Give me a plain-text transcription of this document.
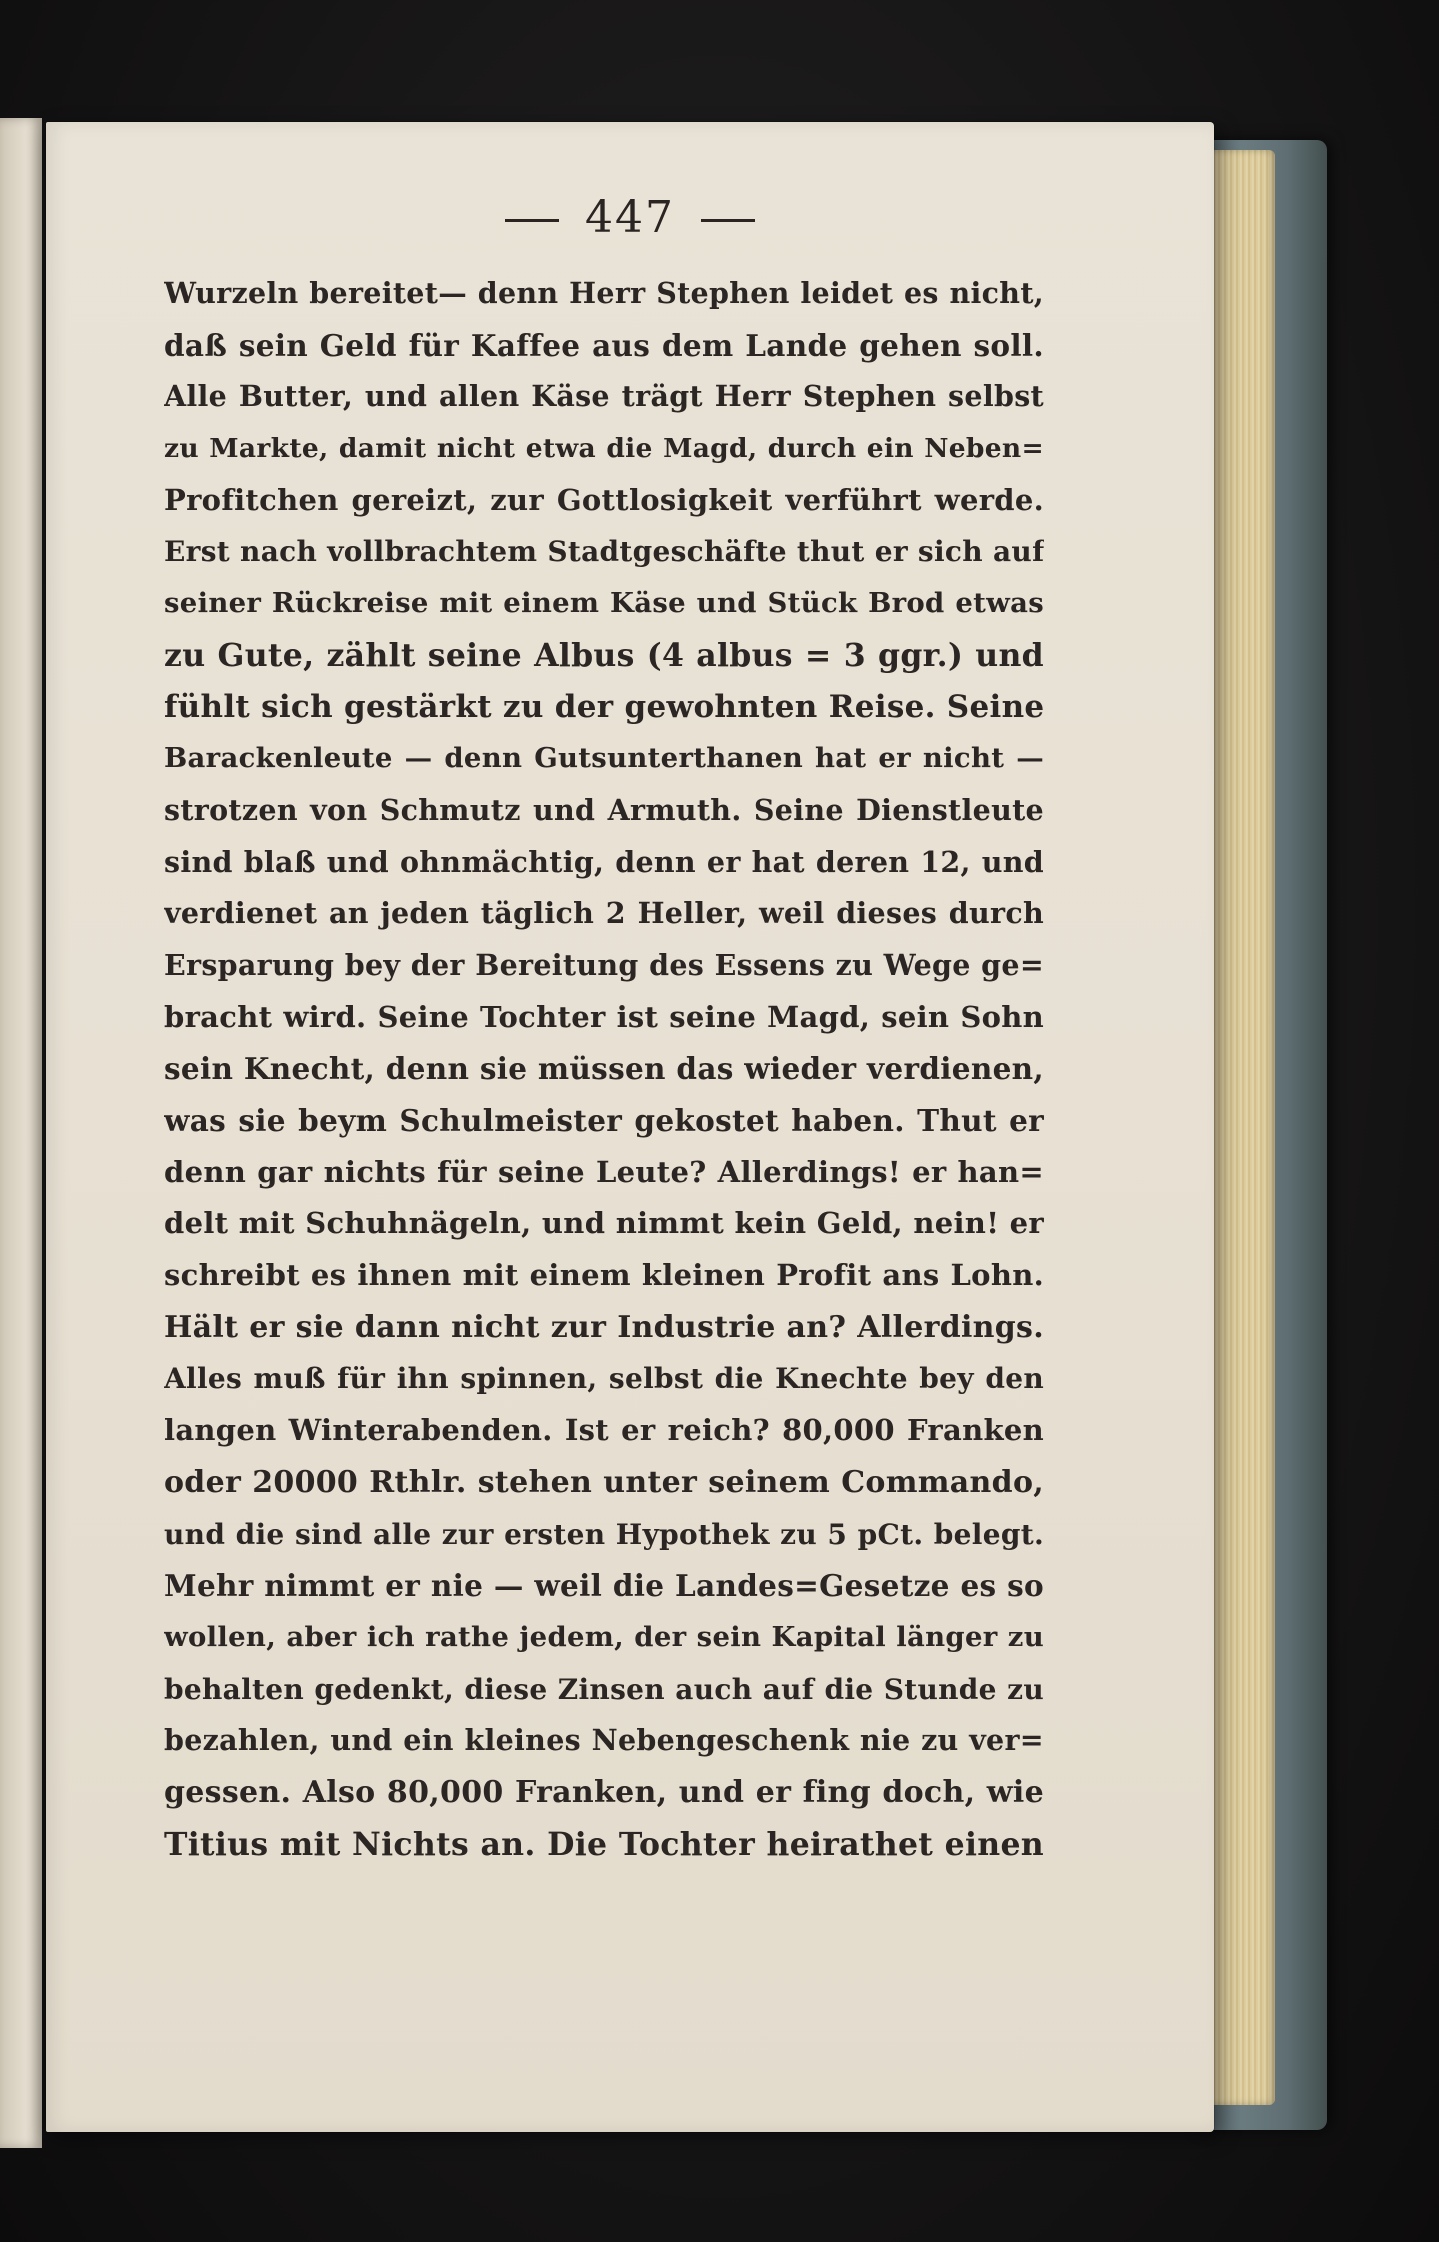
447
Wurzeln bereitet— denn Herr Stephen leidet es nicht,
daß sein Geld für Kaffee aus dem Lande gehen soll.
Alle Butter, und allen Käse trägt Herr Stephen selbst
zu Markte, damit nicht etwa die Magd, durch ein Neben=
Profitchen gereizt, zur Gottlosigkeit verführt werde.
Erst nach vollbrachtem Stadtgeschäfte thut er sich auf
seiner Rückreise mit einem Käse und Stück Brod etwas
zu Gute, zählt seine Albus (4 albus = 3 ggr.) und
fühlt sich gestärkt zu der gewohnten Reise. Seine
Barackenleute — denn Gutsunterthanen hat er nicht —
strotzen von Schmutz und Armuth. Seine Dienstleute
sind blaß und ohnmächtig, denn er hat deren 12, und
verdienet an jeden täglich 2 Heller, weil dieses durch
Ersparung bey der Bereitung des Essens zu Wege ge=
bracht wird. Seine Tochter ist seine Magd, sein Sohn
sein Knecht, denn sie müssen das wieder verdienen,
was sie beym Schulmeister gekostet haben. Thut er
denn gar nichts für seine Leute? Allerdings! er han=
delt mit Schuhnägeln, und nimmt kein Geld, nein! er
schreibt es ihnen mit einem kleinen Profit ans Lohn.
Hält er sie dann nicht zur Industrie an? Allerdings.
Alles muß für ihn spinnen, selbst die Knechte bey den
langen Winterabenden. Ist er reich? 80,000 Franken
oder 20000 Rthlr. stehen unter seinem Commando,
und die sind alle zur ersten Hypothek zu 5 pCt. belegt.
Mehr nimmt er nie — weil die Landes=Gesetze es so
wollen, aber ich rathe jedem, der sein Kapital länger zu
behalten gedenkt, diese Zinsen auch auf die Stunde zu
bezahlen, und ein kleines Nebengeschenk nie zu ver=
gessen. Also 80,000 Franken, und er fing doch, wie
Titius mit Nichts an. Die Tochter heirathet einen
